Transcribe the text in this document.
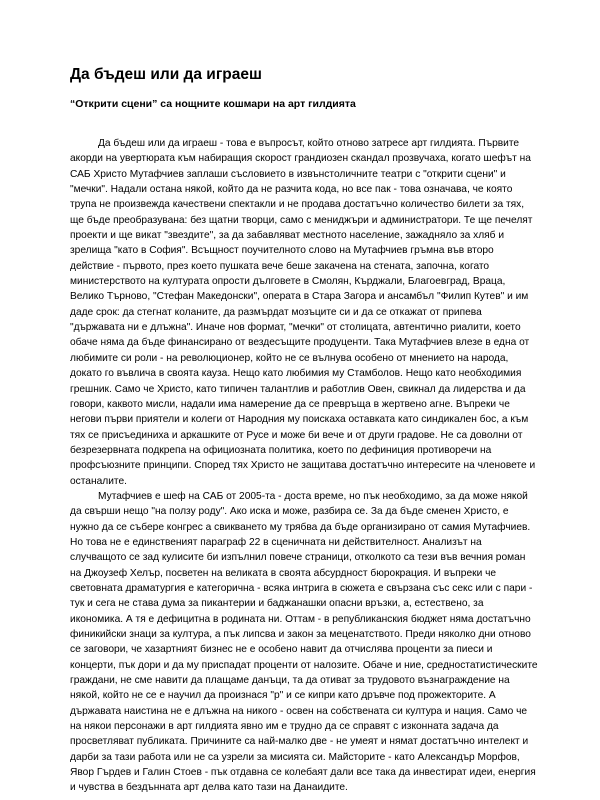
Да бъдеш или да играеш
“Открити сцени” са нощните кошмари на арт гилдията

Да бъдеш или да играеш - това е въпросът, който отново затресе арт гилдията. Първите акорди на увертюрата към набиращия скорост грандиозен скандал прозвучаха, когато шефът на САБ Христо Мутафчиев заплаши съсловието в извънстоличните театри с "открити сцени" и "мечки". Надали остана някой, който да не разчита кода, но все пак - това означава, че която трупа не произвежда качествени спектакли и не продава достатъчно количество билети за тях, ще бъде преобразувана: без щатни творци, само с мениджъри и администратори. Те ще печелят проекти и ще викат "звездите", за да забавляват местното население, зажадняло за хляб и зрелища "като в София". Всъщност поучителното слово на Мутафчиев гръмна във второ действие - първото, през което пушката вече беше закачена на стената, започна, когато министерството на културата опрости дълговете в Смолян, Кърджали, Благоевград, Враца, Велико Търново, "Стефан Македонски", операта в Стара Загора и ансамбъл "Филип Кутев" и им даде срок: да стегнат коланите, да размърдат мозъците си и да се откажат от припева "държавата ни е длъжна". Иначе нов формат, "мечки" от столицата, автентично риалити, което обаче няма да бъде финансирано от вездесъщите продуценти. Така Мутафчиев влезе в една от любимите си роли - на революционер, който не се вълнува особено от мнението на народа, докато го въвлича в своята кауза. Нещо като любимия му Стамболов. Нещо като необходимия грешник. Само че Христо, като типичен талантлив и работлив Овен, свикнал да лидерства и да говори, каквото мисли, надали има намерение да се превръща в жертвено агне. Въпреки че негови първи приятели и колеги от Народния му поискаха оставката като синдикален бос, а към тях се присъединиха и аркашките от Русе и може би вече и от други градове. Не са доволни от безрезервната подкрепа на официозната политика, което по дефиниция противоречи на профсъюзните принципи. Според тях Христо не защитава достатъчно интересите на членовете и останалите.

Мутафчиев е шеф на САБ от 2005-та - доста време, но пък необходимо, за да може някой да свърши нещо "на ползу роду". Ако иска и може, разбира се. За да бъде сменен Христо, е нужно да се събере конгрес а свикването му трябва да бъде организирано от самия Мутафчиев. Но това не е единственият параграф 22 в сценичната ни действителност. Анализът на случващото се зад кулисите би изпълнил повече страници, отколкото са тези във вечния роман на Джоузеф Хелър, посветен на великата в своята абсурдност бюрокрация. И въпреки че световната драматургия е категорична - всяка интрига в сюжета е свързана със секс или с пари - тук и сега не става дума за пикантерии и баджанашки опасни връзки, а, естествено, за икономика. А тя е дефицитна в родината ни. Оттам - в републиканския бюджет няма достатъчно финикийски знаци за култура, а пък липсва и закон за меценатството. Преди няколко дни отново се заговори, че хазартният бизнес не е особено навит да отчислява проценти за пиеси и концерти, пък дори и да му приспадат проценти от налозите. Обаче и ние, средностатистическите граждани, не сме навити да плащаме данъци, та да отиват за трудовото възнаграждение на някой, който не се е научил да произнася "р" и се кипри като дръвче под прожекторите. А държавата наистина не е длъжна на никого - освен на собствената си култура и нация. Само че на някои персонажи в арт гилдията явно им е трудно да се справят с изконната задача да просветляват публиката. Причините са най-малко две - не умеят и нямат достатъчно интелект и дарби за тази работа или не са узрели за мисията си. Майсторите - като Александър Морфов, Явор Гърдев и Галин Стоев - пък отдавна се колебаят дали все така да инвестират идеи, енергия и чувства в бездънната арт делва като тази на Данаидите.
